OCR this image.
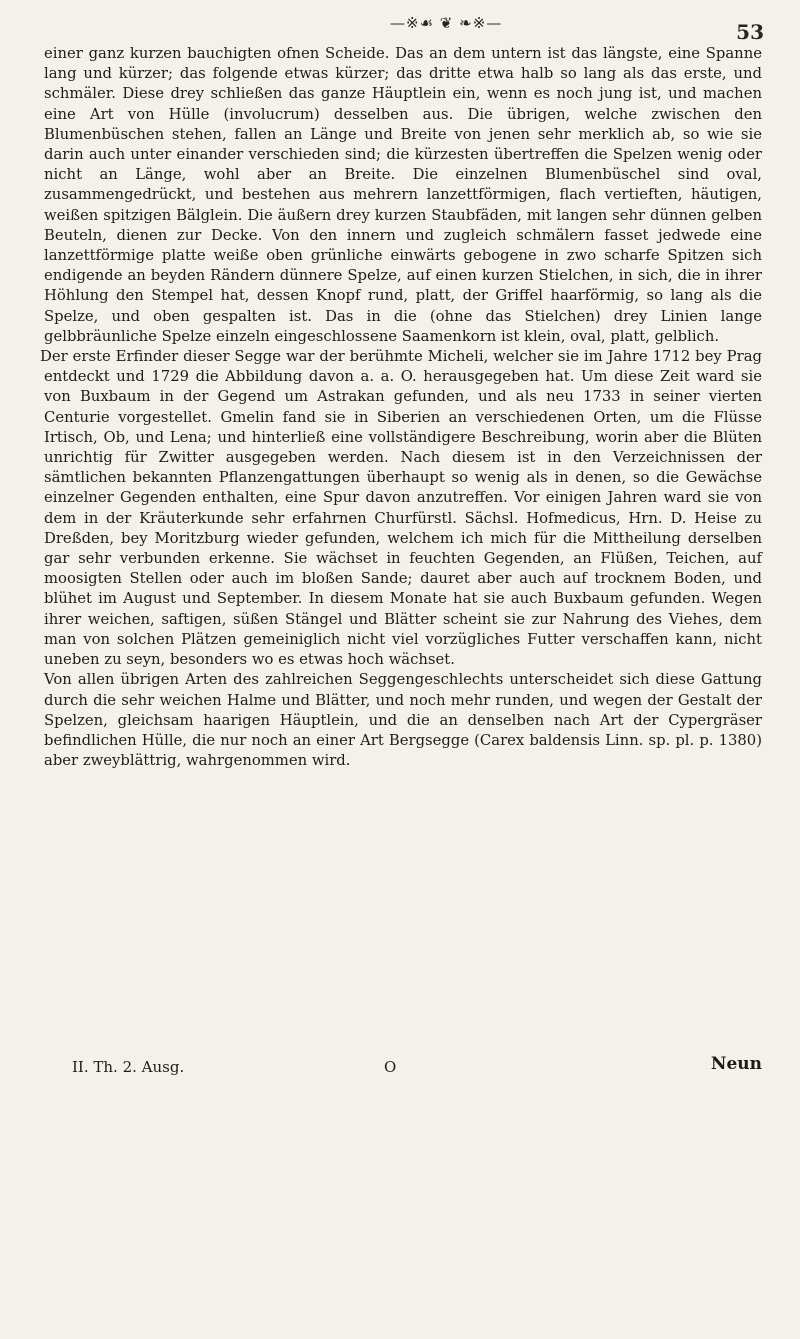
—※☙ ❦ ❧※—	53

einer ganz kurzen bauchigten ofnen Scheide. Das an dem untern ist das längste, eine Spanne lang und kürzer; das folgende etwas kürzer; das dritte etwa halb so lang als das erste, und schmäler. Diese drey schließen das ganze Häuptlein ein, wenn es noch jung ist, und machen eine Art von Hülle (involucrum) desselben aus. Die übrigen, welche zwischen den Blumenbüschen stehen, fallen an Länge und Breite von jenen sehr merklich ab, so wie sie darin auch unter einander verschieden sind; die kürzesten übertreffen die Spelzen wenig oder nicht an Länge, wohl aber an Breite. Die einzelnen Blumenbüschel sind oval, zusammengedrückt, und bestehen aus mehrern lanzettförmigen, flach vertieften, häutigen, weißen spitzigen Bälglein. Die äußern drey kurzen Staubfäden, mit langen sehr dünnen gelben Beuteln, dienen zur Decke. Von den innern und zugleich schmälern fasset jedwede eine lanzettförmige platte weiße oben grünliche einwärts gebogene in zwo scharfe Spitzen sich endigende an beyden Rändern dünnere Spelze, auf einen kurzen Stielchen, in sich, die in ihrer Höhlung den Stempel hat, dessen Knopf rund, platt, der Griffel haarförmig, so lang als die Spelze, und oben gespalten ist. Das in die (ohne das Stielchen) drey Linien lange gelbbräunliche Spelze einzeln eingeschlossene Saamenkorn ist klein, oval, platt, gelblich.

Der erste Erfinder dieser Segge war der berühmte Micheli, welcher sie im Jahre 1712 bey Prag entdeckt und 1729 die Abbildung davon a. a. O. herausgegeben hat. Um diese Zeit ward sie von Buxbaum in der Gegend um Astrakan gefunden, und als neu 1733 in seiner vierten Centurie vorgestellet. Gmelin fand sie in Siberien an verschiedenen Orten, um die Flüsse Irtisch, Ob, und Lena; und hinterließ eine vollständigere Beschreibung, worin aber die Blüten unrichtig für Zwitter ausgegeben werden. Nach diesem ist in den Verzeichnissen der sämtlichen bekannten Pflanzengattungen überhaupt so wenig als in denen, so die Gewächse einzelner Gegenden enthalten, eine Spur davon anzutreffen. Vor einigen Jahren ward sie von dem in der Kräuterkunde sehr erfahrnen Churfürstl. Sächsl. Hofmedicus, Hrn. D. Heise zu Dreßden, bey Moritzburg wieder gefunden, welchem ich mich für die Mittheilung derselben gar sehr verbunden erkenne. Sie wächset in feuchten Gegenden, an Flüßen, Teichen, auf moosigten Stellen oder auch im bloßen Sande; dauret aber auch auf trocknem Boden, und blühet im August und September. In diesem Monate hat sie auch Buxbaum gefunden. Wegen ihrer weichen, saftigen, süßen Stängel und Blätter scheint sie zur Nahrung des Viehes, dem man von solchen Plätzen gemeiniglich nicht viel vorzügliches Futter verschaffen kann, nicht uneben zu seyn, besonders wo es etwas hoch wächset.

Von allen übrigen Arten des zahlreichen Seggengeschlechts unterscheidet sich diese Gattung durch die sehr weichen Halme und Blätter, und noch mehr runden, und wegen der Gestalt der Spelzen, gleichsam haarigen Häuptlein, und die an denselben nach Art der Cypergräser befindlichen Hülle, die nur noch an einer Art Bergsegge (Carex baldensis Linn. sp. pl. p. 1380) aber zweyblättrig, wahrgenommen wird.

II. Th. 2. Ausg.	O	Neun
